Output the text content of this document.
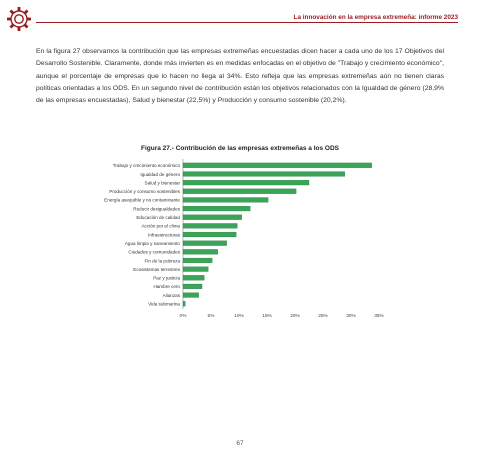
La innovación en la empresa extremeña: informe 2023

En la figura 27 observamos la contribución que las empresas extremeñas encuestadas dicen hacer a cada uno de los 17 Objetivos del Desarrollo Sostenible. Claramente, donde más invierten es en medidas enfocadas en el objetivo de "Trabajo y crecimiento económico", aunque el porcentaje de empresas que lo hacen no llega al 34%. Esto refleja que las empresas extremeñas aún no tienen claras políticas orientadas a los ODS. En un segundo nivel de contribución están los objetivos relacionados con la Igualdad de género (28,9% de las empresas encuestadas), Salud y bienestar (22,5%) y Producción y consumo sostenible (20,2%).

Figura 27.- Contribución de las empresas extremeñas a los ODS
Trabajo y crecimiento económico
Igualdad de género
Salud y bienestar
Producción y consumo sostenibles
Energía asequible y no contaminante
Reducir desigualdades
Educación de calidad
Acción por el clima
Infraestructuras
Agua limpia y saneamiento
Ciudades y comunidades
Fin de la pobreza
Ecosistemas terrestres
Paz y justicia
Hambre cero
Alianzas
Vida submarina
0%	5%	10%	15%	20%	25%	30%	35%
67
